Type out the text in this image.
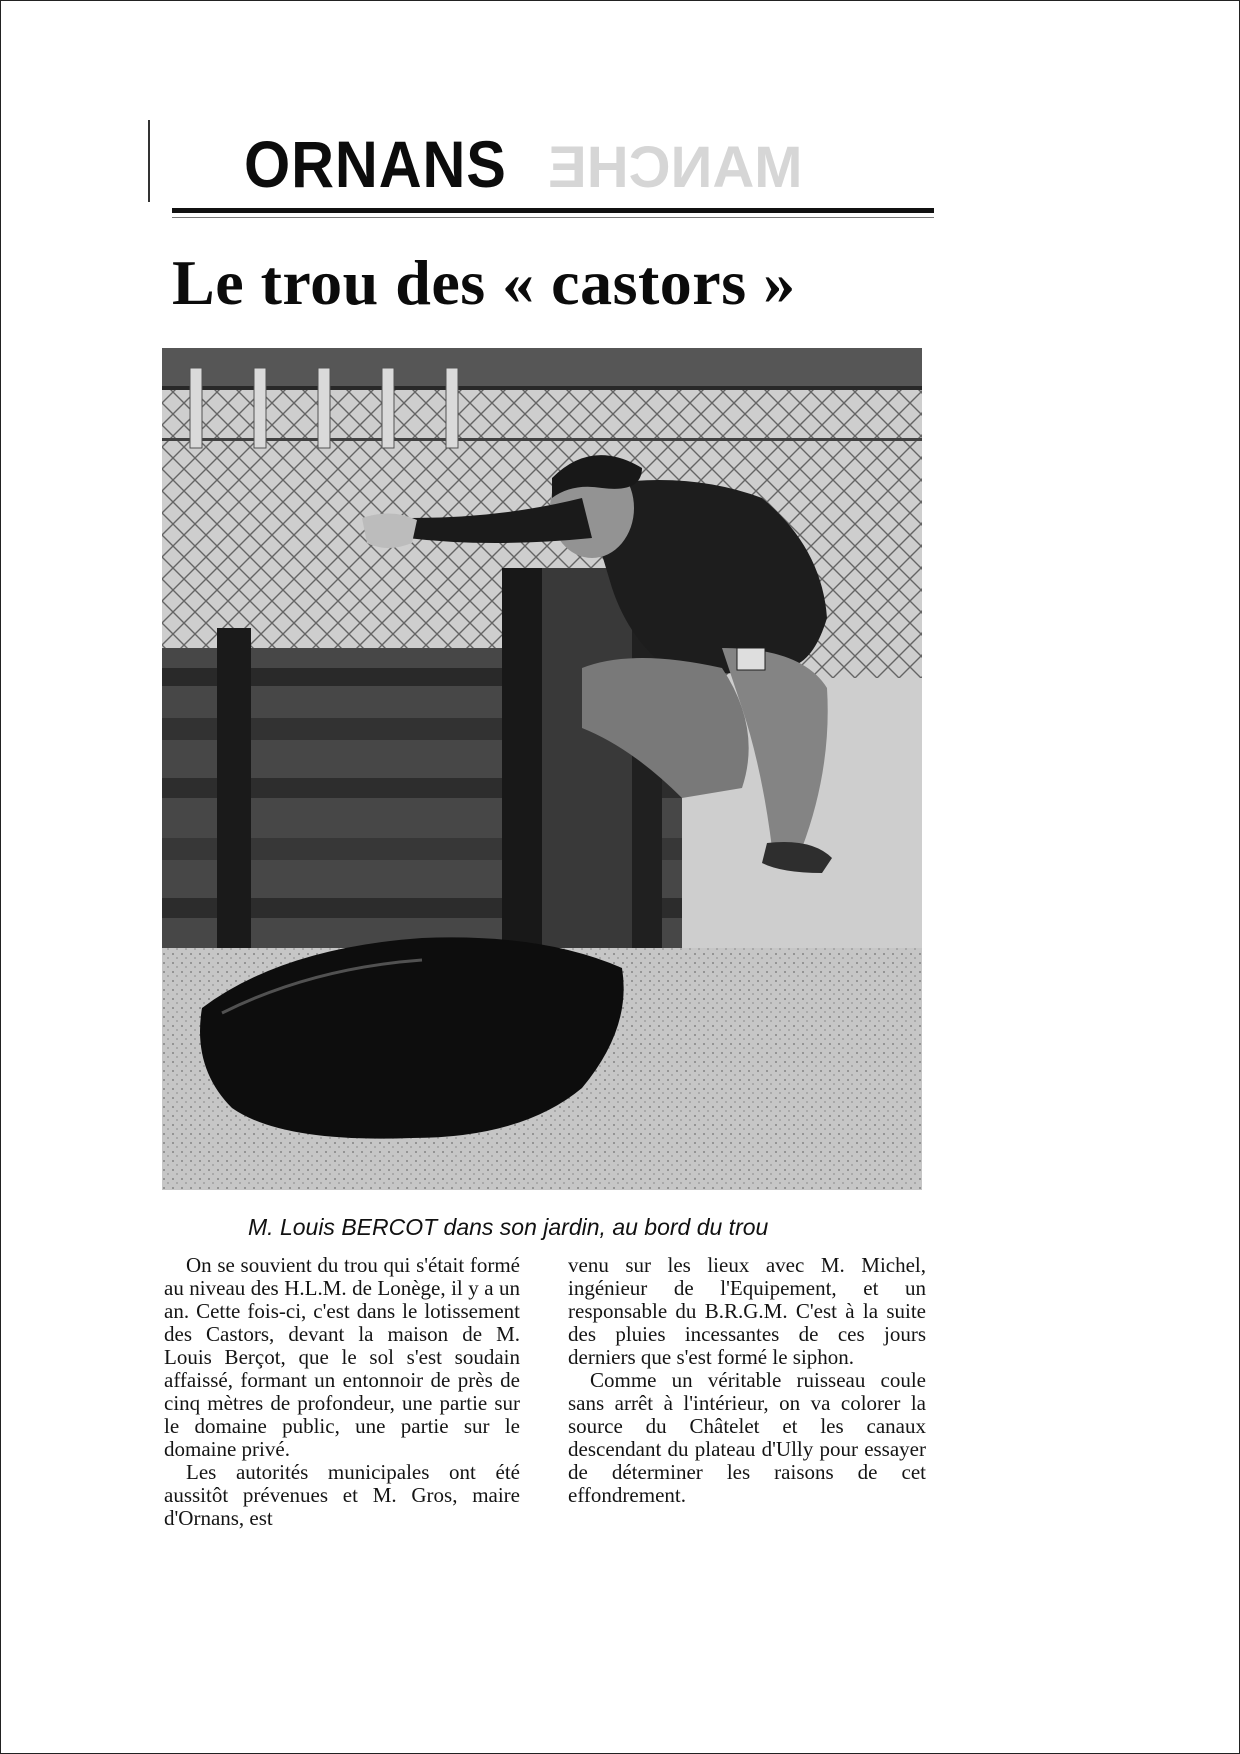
MANCHE
ORNANS
Le trou des « castors »
M. Louis BERCOT dans son jardin, au bord du trou

On se souvient du trou qui s'était formé au niveau des H.L.M. de Lonège, il y a un an. Cette fois-ci, c'est dans le lotissement des Castors, devant la maison de M. Louis Berçot, que le sol s'est soudain affaissé, formant un entonnoir de près de cinq mètres de profondeur, une partie sur le domaine public, une partie sur le domaine privé.

Les autorités municipales ont été aussitôt prévenues et M. Gros, maire d'Ornans, est

venu sur les lieux avec M. Michel, ingénieur de l'Equipement, et un responsable du B.R.G.M. C'est à la suite des pluies incessantes de ces jours derniers que s'est formé le siphon.

Comme un véritable ruisseau coule sans arrêt à l'intérieur, on va colorer la source du Châtelet et les canaux descendant du plateau d'Ully pour essayer de déterminer les raisons de cet effondrement.
